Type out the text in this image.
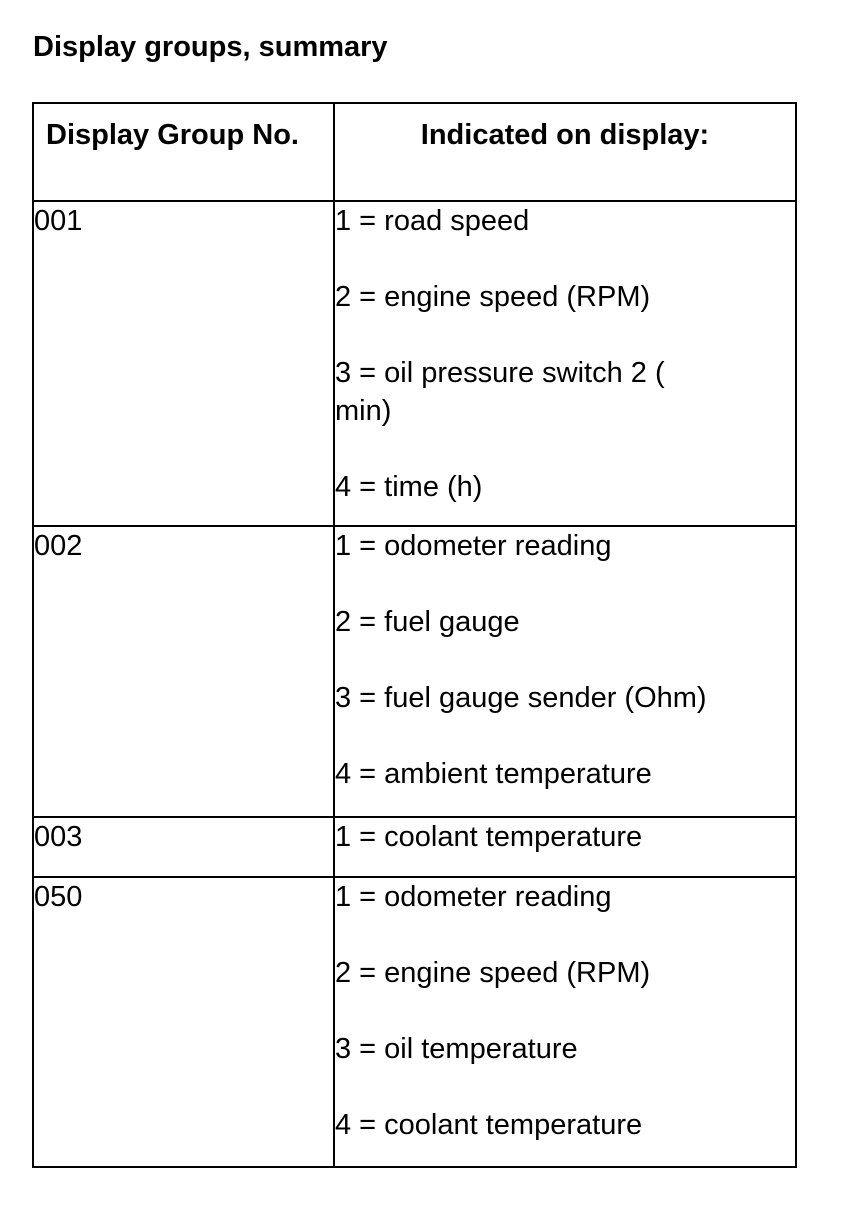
Display groups, summary
Display Group No.	Indicated on display:
001	1 = road speed

2 = engine speed (RPM)

3 = oil pressure switch 2 ( min)

4 = time (h)

002	1 = odometer reading

2 = fuel gauge

3 = fuel gauge sender (Ohm)

4 = ambient temperature

003	1 = coolant temperature

050	1 = odometer reading

2 = engine speed (RPM)

3 = oil temperature

4 = coolant temperature
